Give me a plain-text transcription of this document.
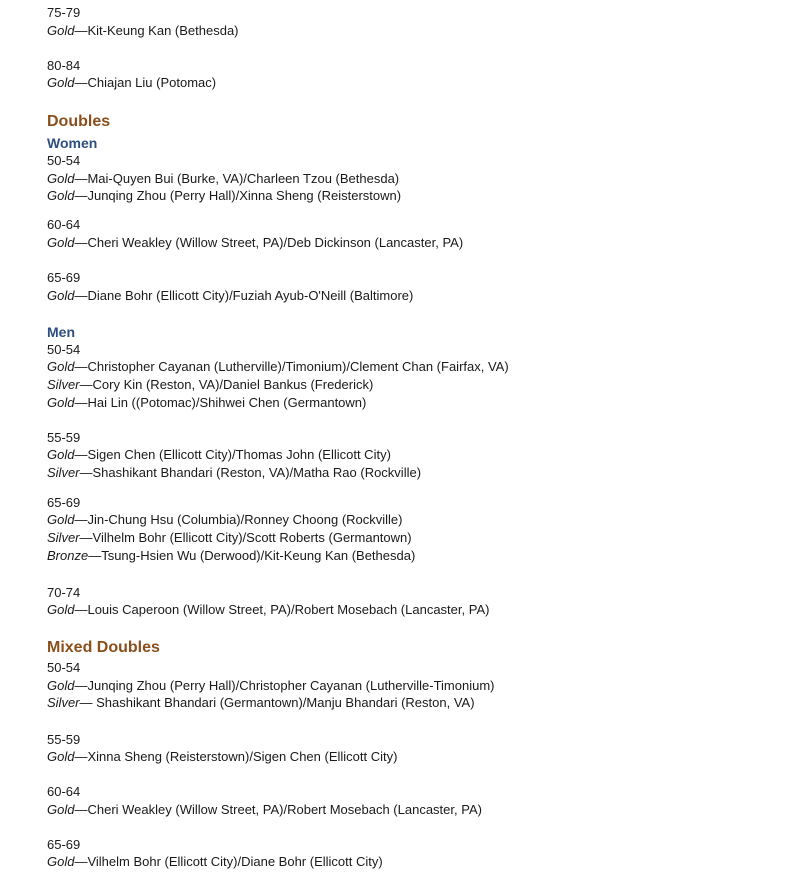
75-79
Gold—Kit-Keung Kan (Bethesda)
80-84
Gold—Chiajan Liu (Potomac)
Doubles
Women
50-54
Gold—Mai-Quyen Bui (Burke, VA)/Charleen Tzou (Bethesda)
Gold—Junqing Zhou (Perry Hall)/Xinna Sheng (Reisterstown)
60-64
Gold—Cheri Weakley (Willow Street, PA)/Deb Dickinson (Lancaster, PA)
65-69
Gold—Diane Bohr (Ellicott City)/Fuziah Ayub-O'Neill (Baltimore)
Men
50-54
Gold—Christopher Cayanan (Lutherville)/Timonium)/Clement Chan (Fairfax, VA)
Silver—Cory Kin (Reston, VA)/Daniel Bankus (Frederick)
Gold—Hai Lin ((Potomac)/Shihwei Chen (Germantown)
55-59
Gold—Sigen Chen (Ellicott City)/Thomas John (Ellicott City)
Silver—Shashikant Bhandari (Reston, VA)/Matha Rao (Rockville)
65-69
Gold—Jin-Chung Hsu (Columbia)/Ronney Choong (Rockville)
Silver—Vilhelm Bohr (Ellicott City)/Scott Roberts (Germantown)
Bronze—Tsung-Hsien Wu (Derwood)/Kit-Keung Kan (Bethesda)
70-74
Gold—Louis Caperoon (Willow Street, PA)/Robert Mosebach (Lancaster, PA)
Mixed Doubles
50-54
Gold—Junqing Zhou (Perry Hall)/Christopher Cayanan (Lutherville-Timonium)
Silver— Shashikant Bhandari (Germantown)/Manju Bhandari (Reston, VA)
55-59
Gold—Xinna Sheng (Reisterstown)/Sigen Chen (Ellicott City)
60-64
Gold—Cheri Weakley (Willow Street, PA)/Robert Mosebach (Lancaster, PA)
65-69
Gold—Vilhelm Bohr (Ellicott City)/Diane Bohr (Ellicott City)
